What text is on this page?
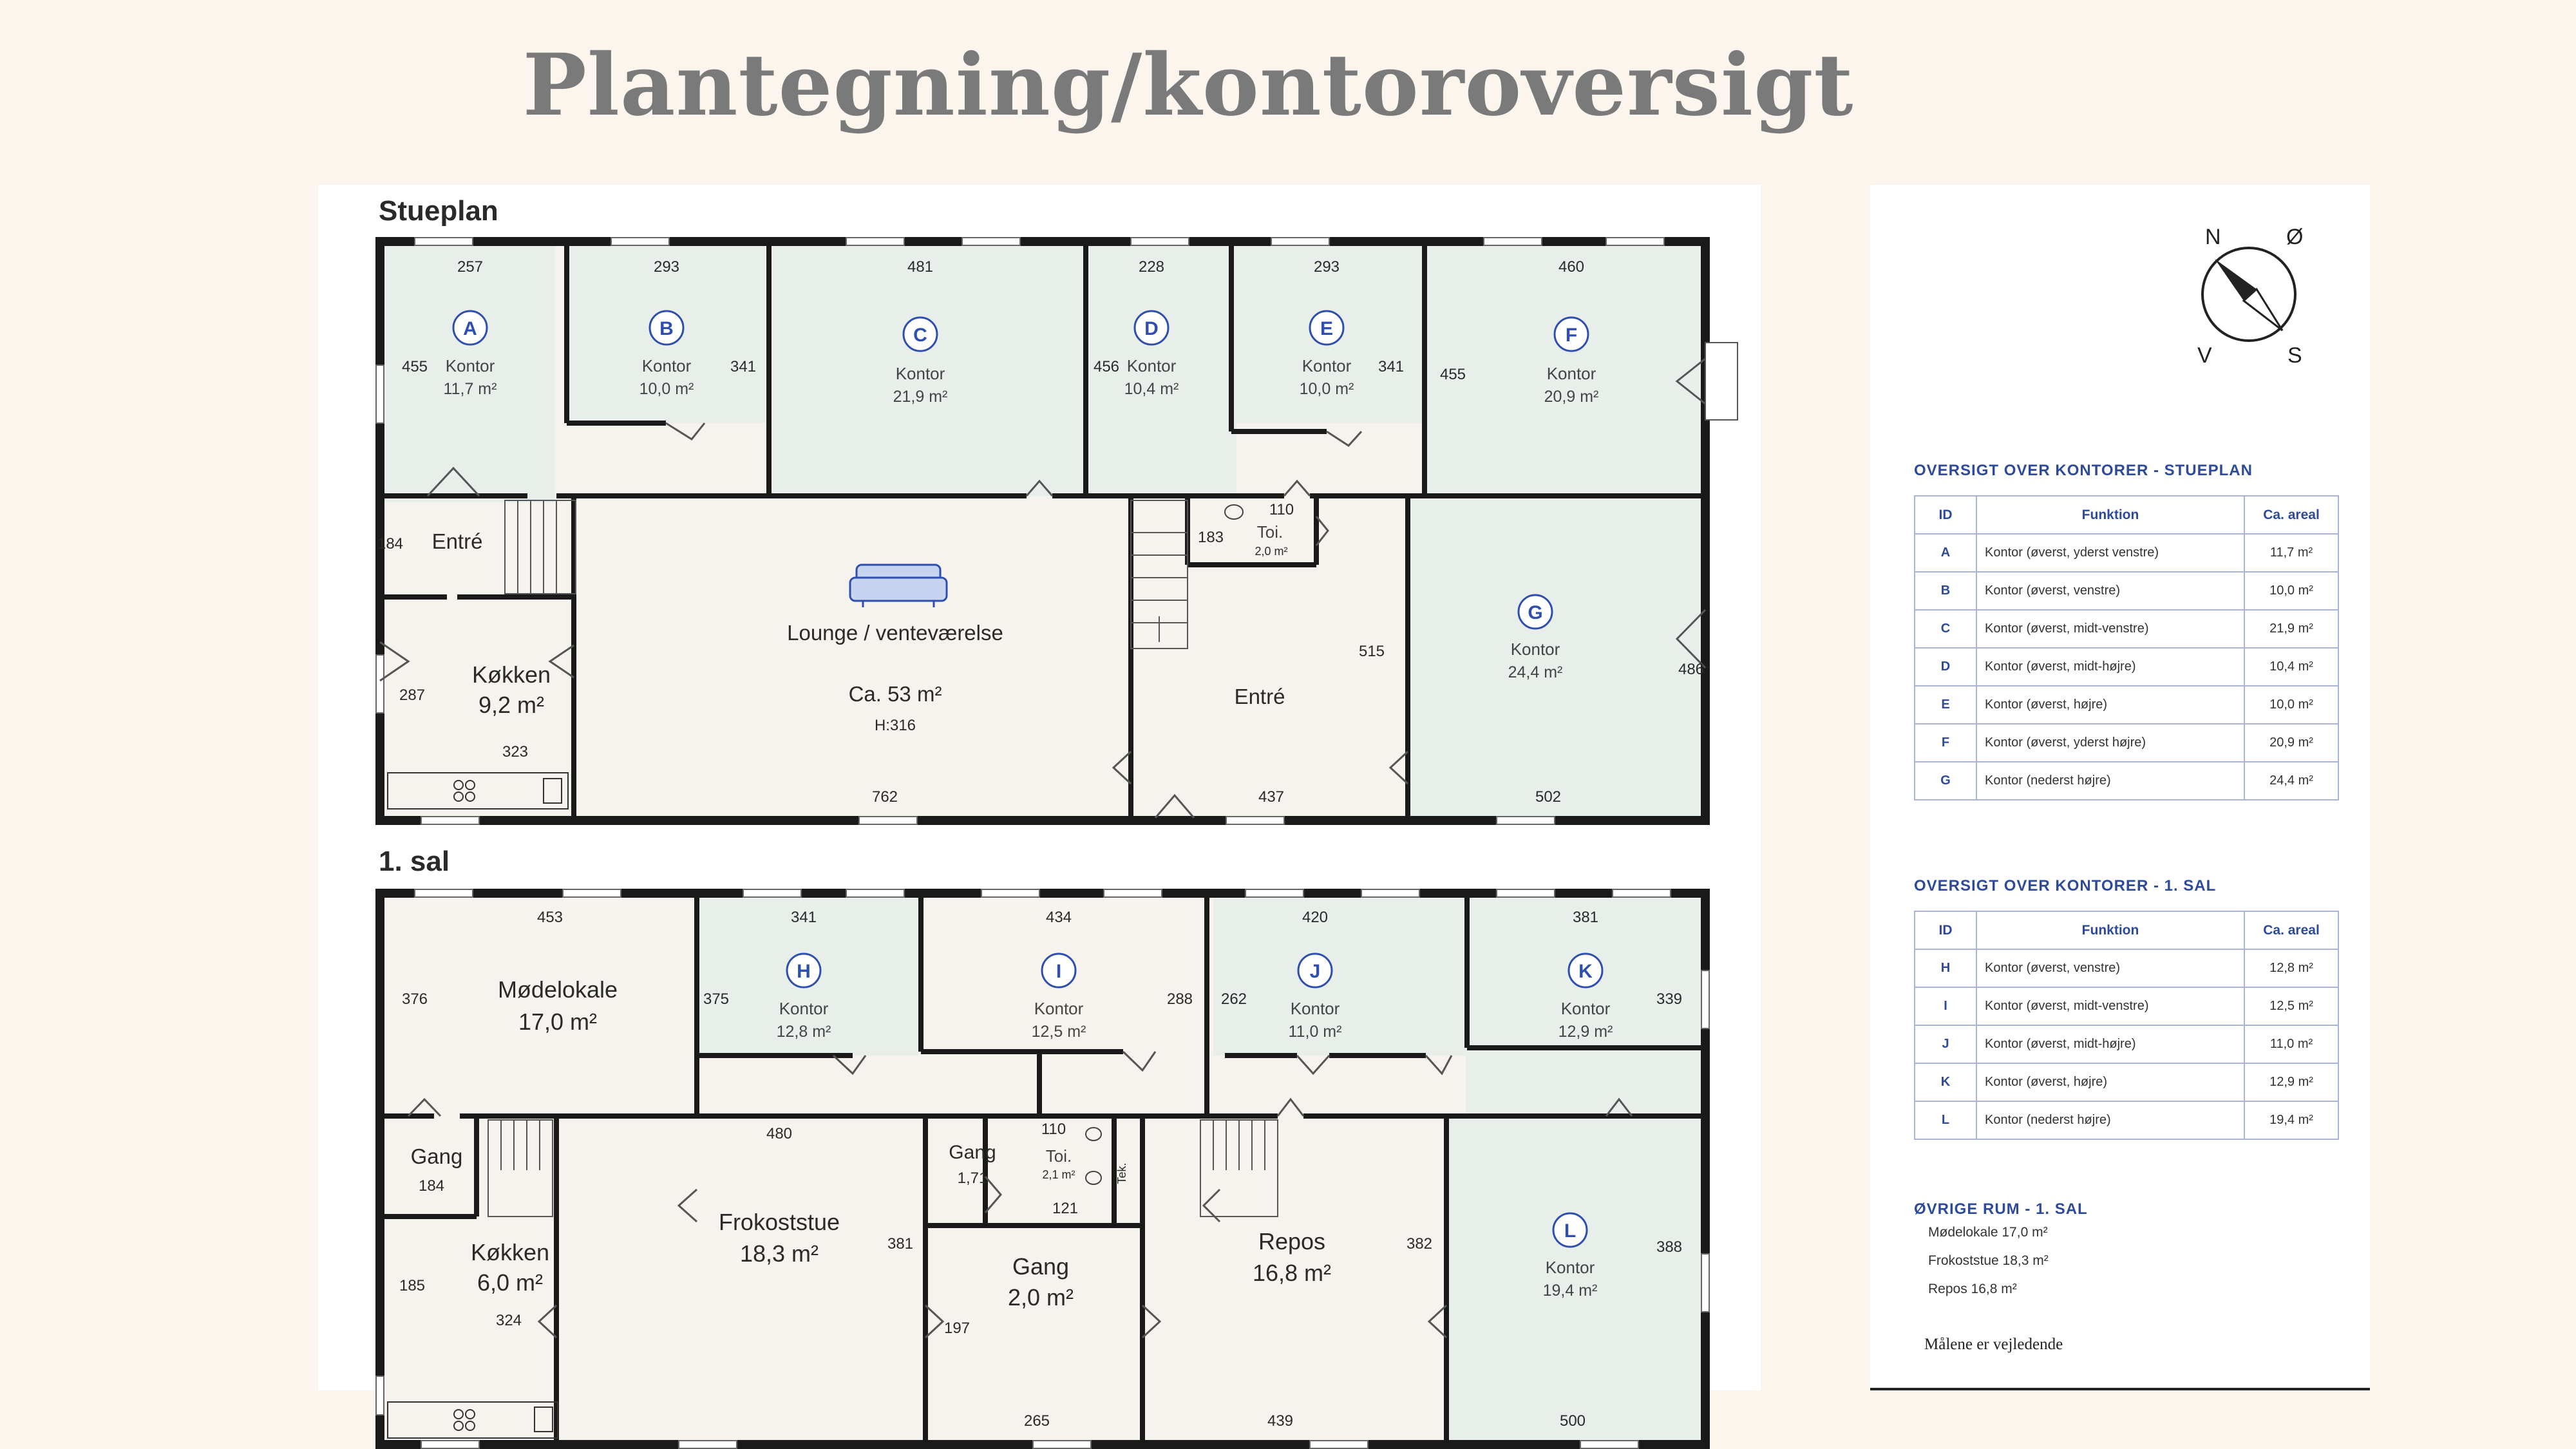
Plantegning/kontoroversigt
Stueplan
A
Kontor
11,7 m²
257
455
B
Kontor
10,0 m²
293
341
C
Kontor
21,9 m²
481
D
Kontor
10,4 m²
228
456
E
Kontor
10,0 m²
293
341
F
Kontor
20,9 m²
460
455
G
Kontor
24,4 m²
502
486
Entré
184
Køkken
9,2 m²
287
323
Lounge / venteværelse
Ca. 53 m²
H:316
762
Toi.
2,0 m²
110
183
Entré
515
437
1. sal
Mødelokale
17,0 m²
453
376
H
Kontor
12,8 m²
341
375
I
Kontor
12,5 m²
434
288
J
Kontor
11,0 m²
420
262
K
Kontor
12,9 m²
381
339
L
Kontor
19,4 m²
500
388
Gang
184
Køkken
6,0 m²
185
324
Frokoststue
18,3 m²
480
381
Gang
1,71
Toi.
2,1 m²
110
121
Tek.
Gang
2,0 m²
197
265
Repos
16,8 m²
439
382
N	Ø
V	S

OVERSIGT OVER KONTORER - STUEPLAN

ID	Funktion	Ca. areal
A	Kontor (øverst, yderst venstre)	11,7 m²
B	Kontor (øverst, venstre)	10,0 m²
C	Kontor (øverst, midt-venstre)	21,9 m²
D	Kontor (øverst, midt-højre)	10,4 m²
E	Kontor (øverst, højre)	10,0 m²
F	Kontor (øverst, yderst højre)	20,9 m²
G	Kontor (nederst højre)	24,4 m²

OVERSIGT OVER KONTORER - 1. SAL

ID	Funktion	Ca. areal
H	Kontor (øverst, venstre)	12,8 m²
I	Kontor (øverst, midt-venstre)	12,5 m²
J	Kontor (øverst, midt-højre)	11,0 m²
K	Kontor (øverst, højre)	12,9 m²
L	Kontor (nederst højre)	19,4 m²

ØVRIGE RUM - 1. SAL

Mødelokale 17,0 m²
Frokoststue 18,3 m²
Repos 16,8 m²
Målene er vejledende
